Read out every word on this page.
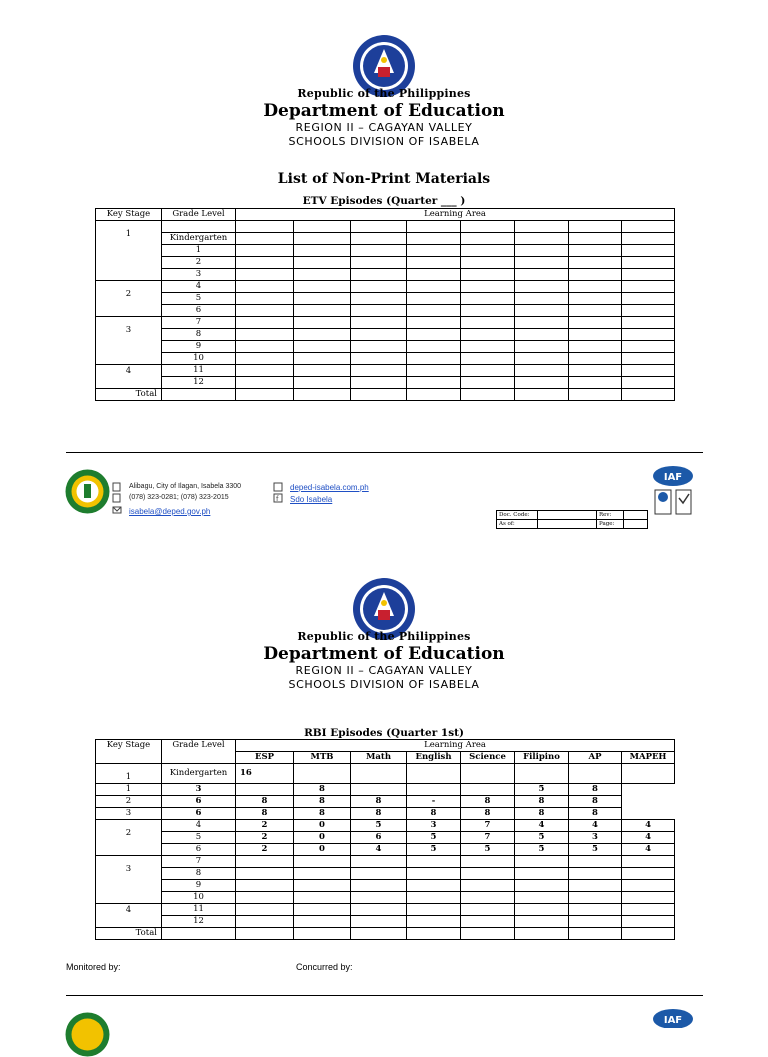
Republic of the Philippines
Department of Education
REGION II – CAGAYAN VALLEY
SCHOOLS DIVISION OF ISABELA
List of Non-Print Materials
ETV Episodes (Quarter ___ )
Key Stage	Grade Level	Learning Area							
1									
	Kindergarten								
	1								
	2								
	3								
2	4								
	5								
	6								
3	7								
	8								
	9								
	10								
4	11								
	12								
Total									
Alibagu, City of Ilagan, Isabela 3300
(078) 323-0281; (078) 323-2015
isabela@deped.gov.ph
f
deped-isabela.com.ph
Sdo Isabela
IAF
Doc. Code:		Rev:	
As of:		Page:	
Republic of the Philippines
Department of Education
REGION II – CAGAYAN VALLEY
SCHOOLS DIVISION OF ISABELA
RBI Episodes (Quarter 1st)
Key Stage	Grade Level	Learning Area							
		ESP	MTB	Math	English	Science	Filipino	AP	MAPEH
1	Kindergarten	16							
1	3		8				5	8	
2	6	8	8	8	-	8	8	8	
3	6	8	8	8	8	8	8	8	
2	4	2	0	5	3	7	4	4	4
	5	2	0	6	5	7	5	3	4
	6	2	0	4	5	5	5	5	4
3	7								
	8								
	9								
	10								
4	11								
	12								
Total									
Monitored by:	Concurred by:
IAF
